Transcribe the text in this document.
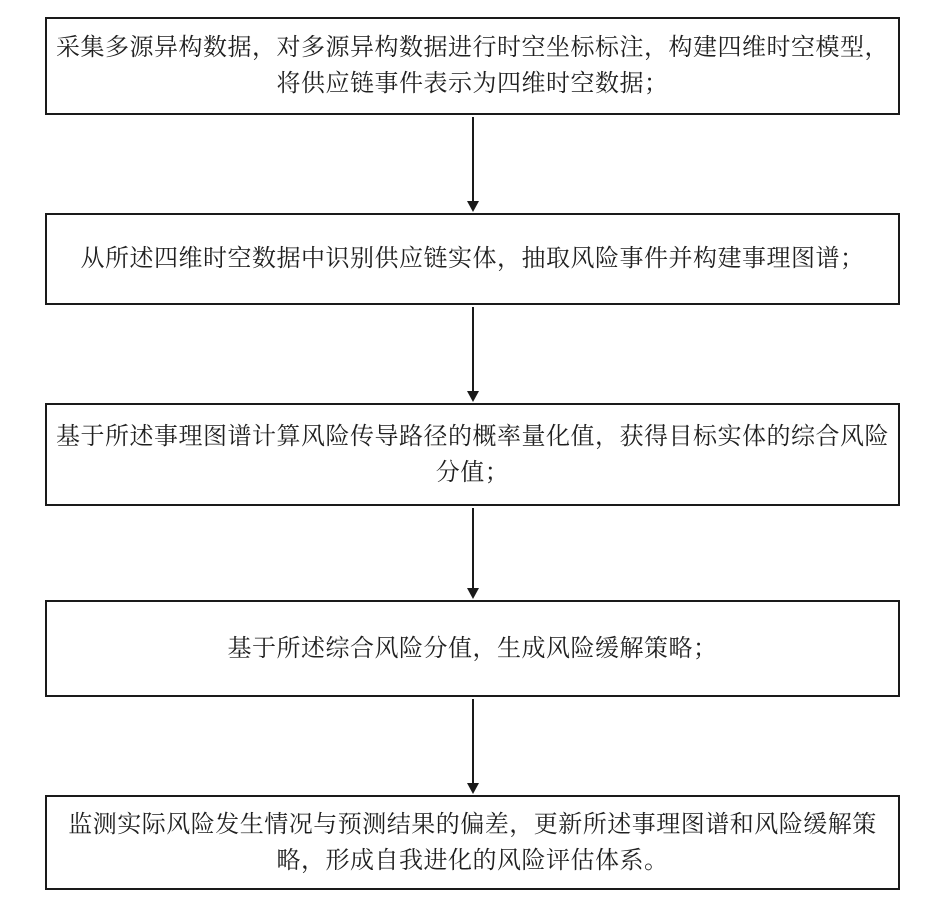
采集多源异构数据，对多源异构数据进行时空坐标标注，构建四维时空模型，
将供应链事件表示为四维时空数据；
从所述四维时空数据中识别供应链实体，抽取风险事件并构建事理图谱；
基于所述事理图谱计算风险传导路径的概率量化值，获得目标实体的综合风险
分值；
基于所述综合风险分值，生成风险缓解策略；
监测实际风险发生情况与预测结果的偏差，更新所述事理图谱和风险缓解策
略，形成自我进化的风险评估体系。
